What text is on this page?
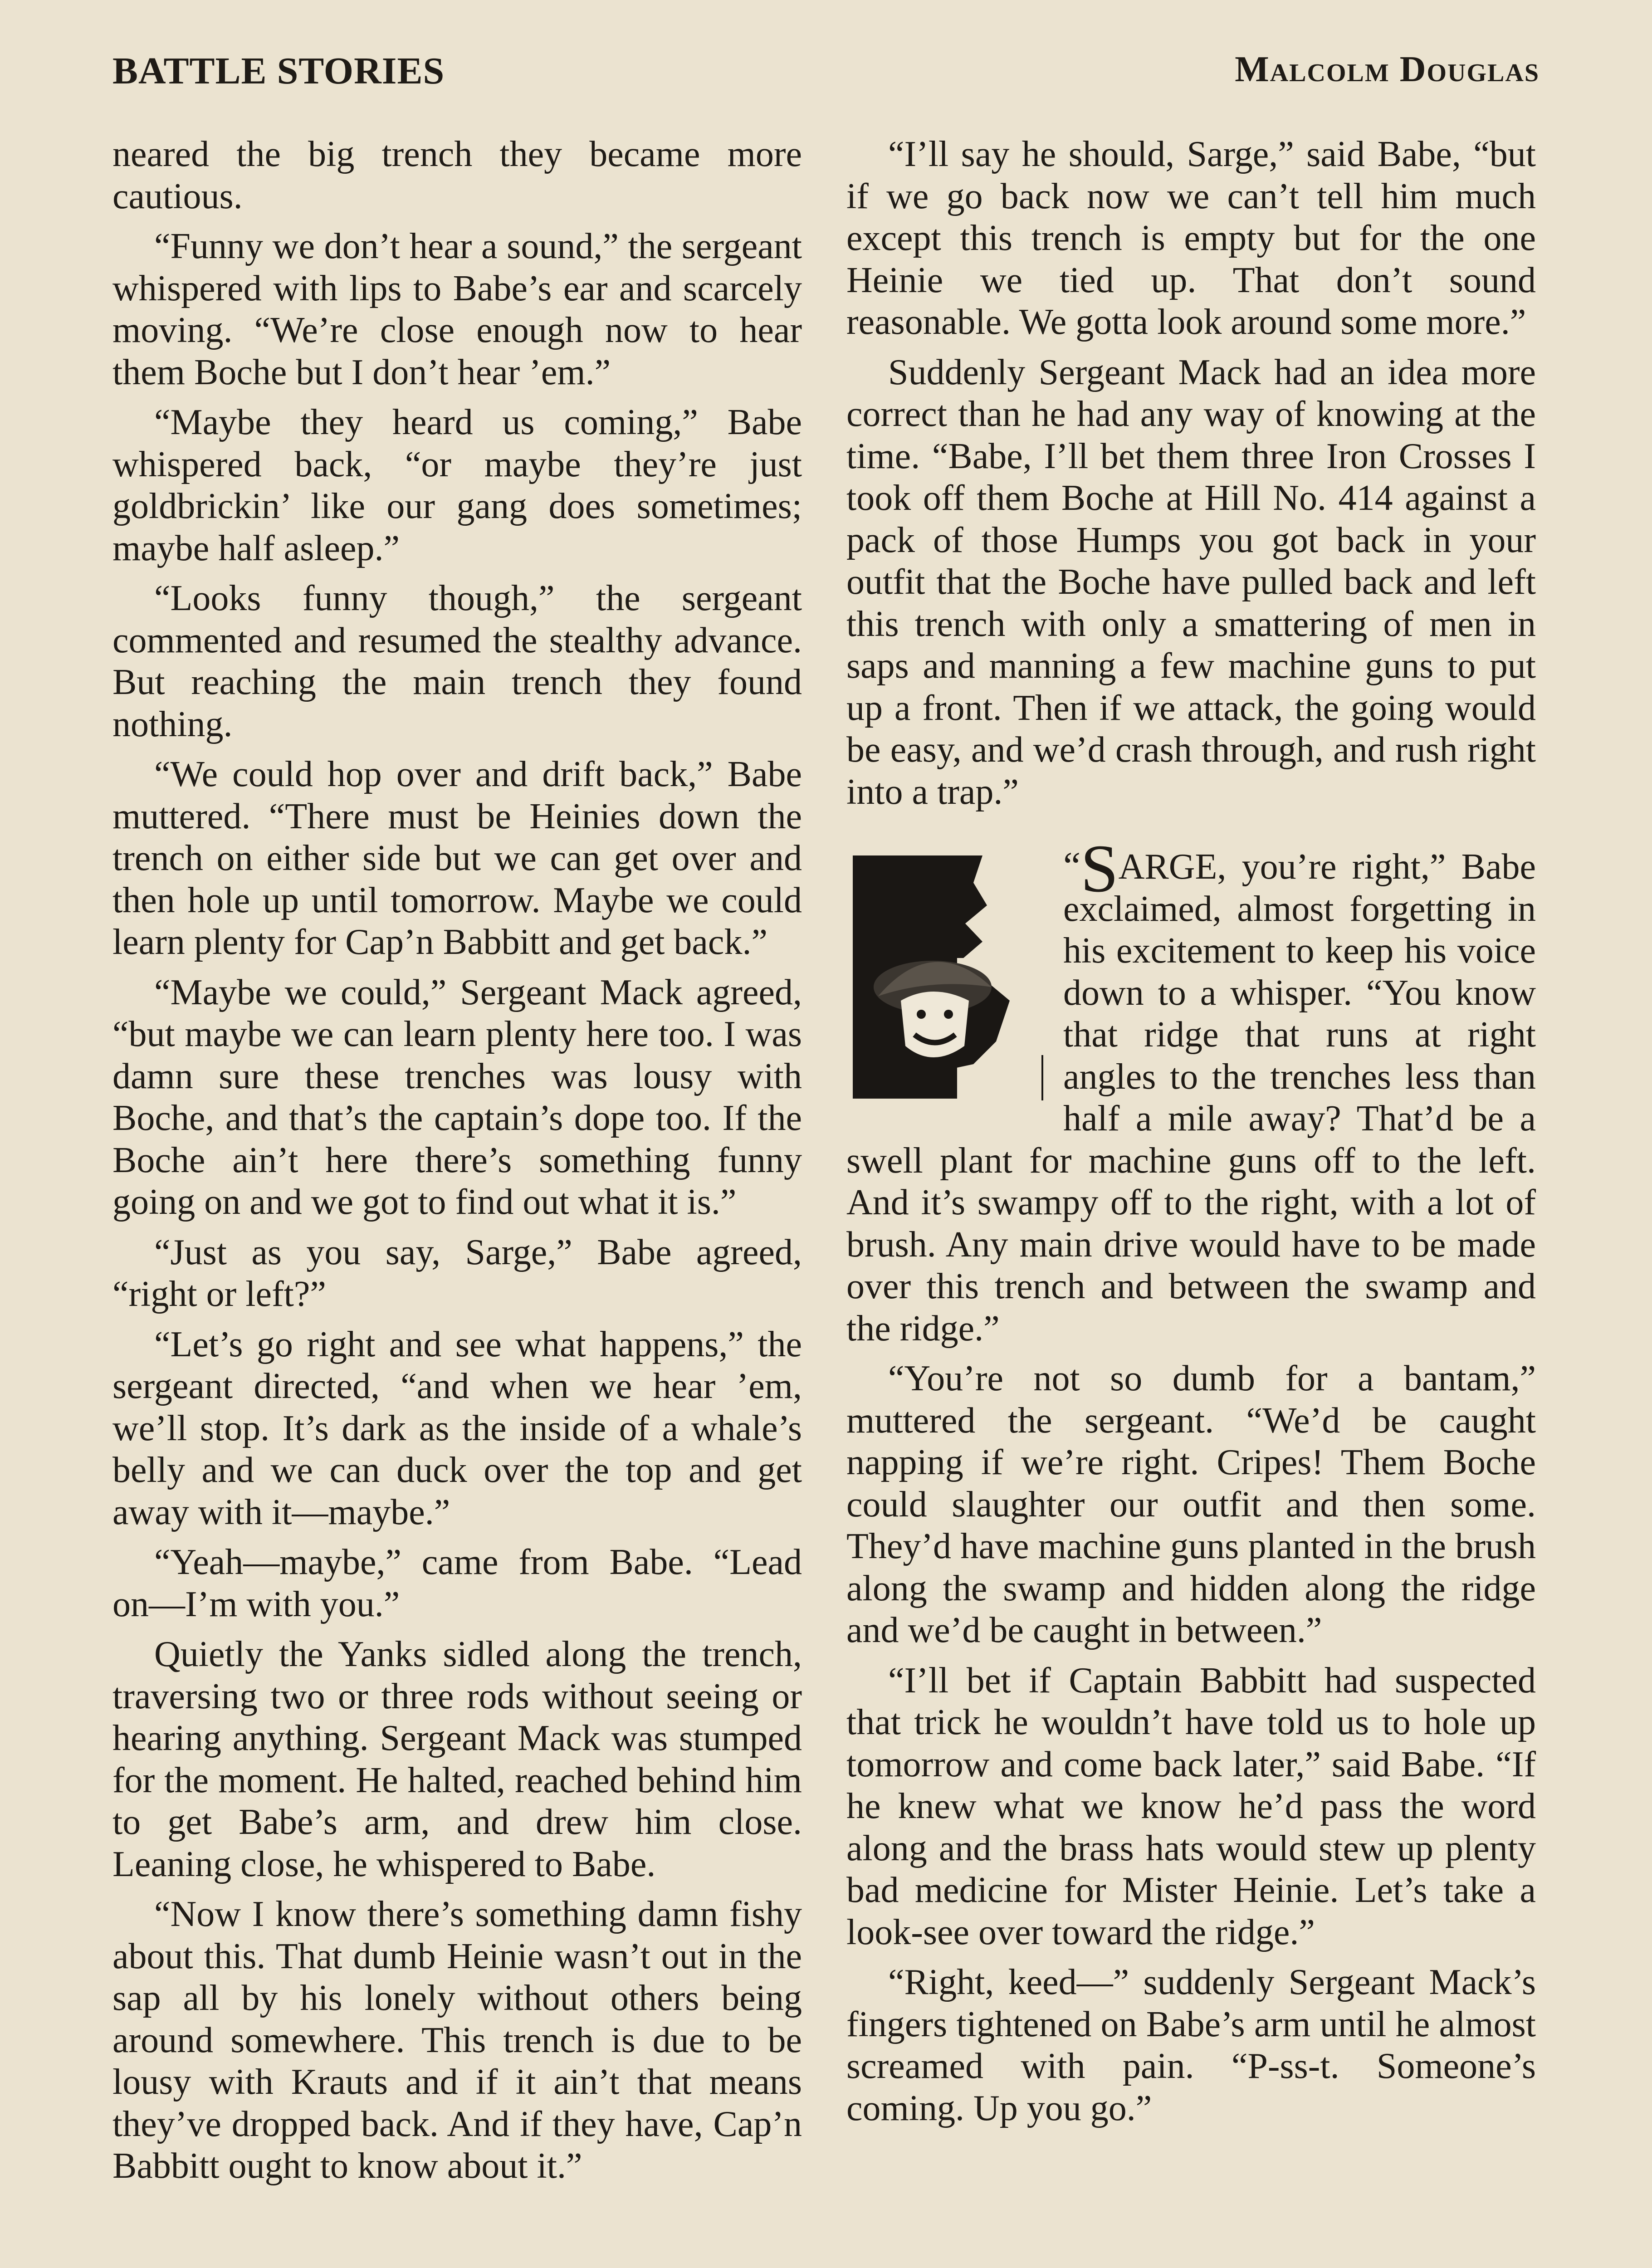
BATTLE STORIES	Malcolm Douglas

neared the big trench they became more cautious.

“Funny we don’t hear a sound,” the sergeant whispered with lips to Babe’s ear and scarcely moving. “We’re close enough now to hear them Boche but I don’t hear ’em.”

“Maybe they heard us coming,” Babe whispered back, “or maybe they’re just goldbrickin’ like our gang does sometimes; maybe half asleep.”

“Looks funny though,” the sergeant commented and resumed the stealthy advance. But reaching the main trench they found nothing.

“We could hop over and drift back,” Babe muttered. “There must be Heinies down the trench on either side but we can get over and then hole up until tomorrow. Maybe we could learn plenty for Cap’n Babbitt and get back.”

“Maybe we could,” Sergeant Mack agreed, “but maybe we can learn plenty here too. I was damn sure these trenches was lousy with Boche, and that’s the captain’s dope too. If the Boche ain’t here there’s something funny going on and we got to find out what it is.”

“Just as you say, Sarge,” Babe agreed, “right or left?”

“Let’s go right and see what happens,” the sergeant directed, “and when we hear ’em, we’ll stop. It’s dark as the inside of a whale’s belly and we can duck over the top and get away with it—maybe.”

“Yeah—maybe,” came from Babe. “Lead on—I’m with you.”

Quietly the Yanks sidled along the trench, traversing two or three rods without seeing or hearing anything. Sergeant Mack was stumped for the moment. He halted, reached behind him to get Babe’s arm, and drew him close. Leaning close, he whispered to Babe.

“Now I know there’s something damn fishy about this. That dumb Heinie wasn’t out in the sap all by his lonely without others being around somewhere. This trench is due to be lousy with Krauts and if it ain’t that means they’ve dropped back. And if they have, Cap’n Babbitt ought to know about it.”

“I’ll say he should, Sarge,” said Babe, “but if we go back now we can’t tell him much except this trench is empty but for the one Heinie we tied up. That don’t sound reasonable. We gotta look around some more.”

Suddenly Sergeant Mack had an idea more correct than he had any way of knowing at the time. “Babe, I’ll bet them three Iron Crosses I took off them Boche at Hill No. 414 against a pack of those Humps you got back in your outfit that the Boche have pulled back and left this trench with only a smattering of men in saps and manning a few machine guns to put up a front. Then if we attack, the going would be easy, and we’d crash through, and rush right into a trap.”

“SARGE, you’re right,” Babe exclaimed, almost forgetting in his excitement to keep his voice down to a whisper. “You know that ridge that runs at right angles to the trenches less than half a mile away? That’d be a swell plant for machine guns off to the left. And it’s swampy off to the right, with a lot of brush. Any main drive would have to be made over this trench and between the swamp and the ridge.”

“You’re not so dumb for a bantam,” muttered the sergeant. “We’d be caught napping if we’re right. Cripes! Them Boche could slaughter our outfit and then some. They’d have machine guns planted in the brush along the swamp and hidden along the ridge and we’d be caught in between.”

“I’ll bet if Captain Babbitt had suspected that trick he wouldn’t have told us to hole up tomorrow and come back later,” said Babe. “If he knew what we know he’d pass the word along and the brass hats would stew up plenty bad medicine for Mister Heinie. Let’s take a look-see over toward the ridge.”

“Right, keed—” suddenly Sergeant Mack’s fingers tightened on Babe’s arm until he almost screamed with pain. “P-ss-t. Someone’s coming. Up you go.”
